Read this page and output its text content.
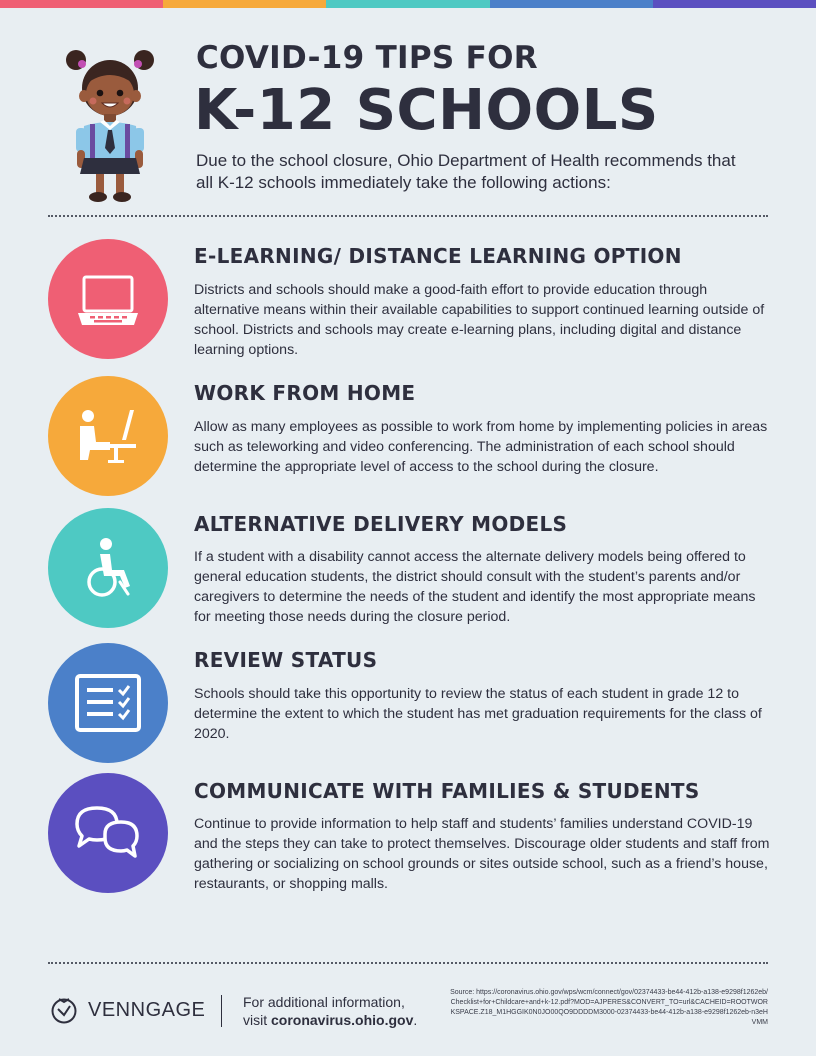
COVID-19 TIPS FOR
K-12 SCHOOLS
Due to the school closure, Ohio Department of Health recommends that all K-12 schools immediately take the following actions:
E-LEARNING/ DISTANCE LEARNING OPTION
Districts and schools should make a good-faith effort to provide education through alternative means within their available capabilities to support continued learning outside of school. Districts and schools may create e-learning plans, including digital and distance learning options.
WORK FROM HOME
Allow as many employees as possible to work from home by implementing policies in areas such as teleworking and video conferencing. The administration of each school should determine the appropriate level of access to the school during the closure.
ALTERNATIVE DELIVERY MODELS
If a student with a disability cannot access the alternate delivery models being offered to general education students, the district should consult with the student’s parents and/or caregivers to determine the needs of the student and identify the most appropriate means for meeting those needs during the closure period.
REVIEW STATUS
Schools should take this opportunity to review the status of each student in grade 12 to determine the extent to which the student has met graduation requirements for the class of 2020.
COMMUNICATE WITH FAMILIES & STUDENTS
Continue to provide information to help staff and students’ families understand COVID-19 and the steps they can take to protect themselves. Discourage older students and staff from gathering or socializing on school grounds or sites outside school, such as a friend’s house, restaurants, or shopping malls.
VENNGAGE	For additional information,
visit coronavirus.ohio.gov.
Source: https://coronavirus.ohio.gov/wps/wcm/connect/gov/02374433-be44-412b-a138-e9298f1262eb/Checklist+for+Childcare+and+k-12.pdf?MOD=AJPERES&CONVERT_TO=url&CACHEID=ROOTWORKSPACE.Z18_M1HGGIK0N0JO00QO9DDDDM3000-02374433-be44-412b-a138-e9298f1262eb-n3eHVMM
